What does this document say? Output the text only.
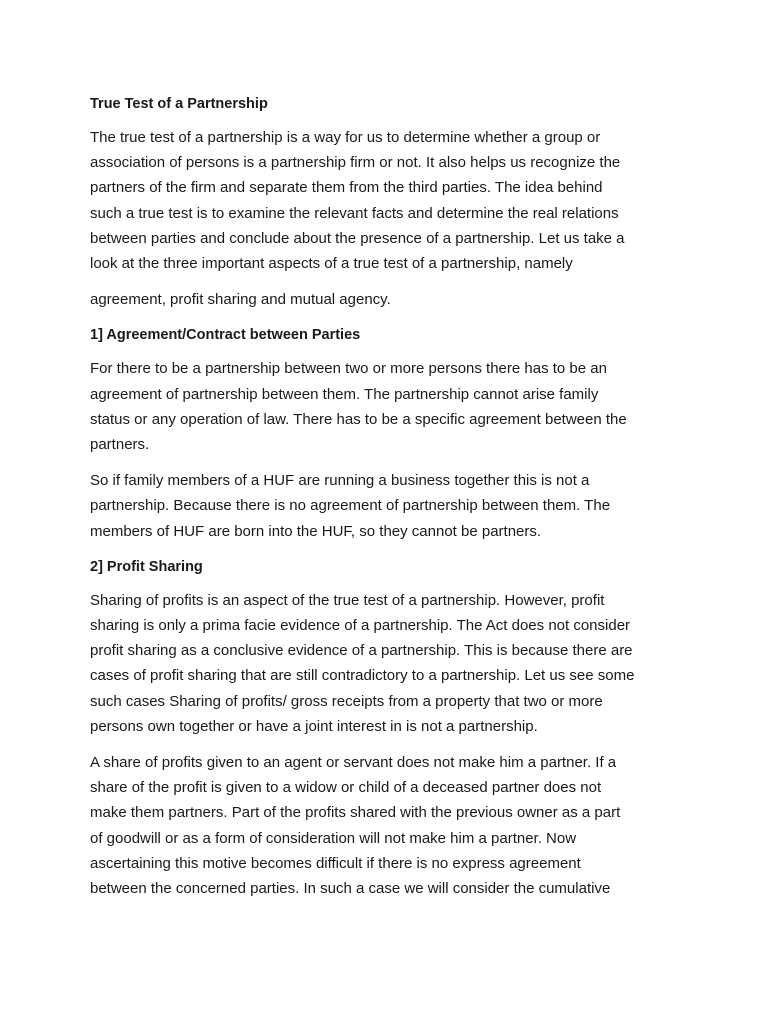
True Test of a Partnership
The true test of a partnership is a way for us to determine whether a group or
association of persons is a partnership firm or not. It also helps us recognize the
partners of the firm and separate them from the third parties. The idea behind
such a true test is to examine the relevant facts and determine the real relations
between parties and conclude about the presence of a partnership. Let us take a
look at the three important aspects of a true test of a partnership, namely
agreement, profit sharing and mutual agency.
1] Agreement/Contract between Parties
For there to be a partnership between two or more persons there has to be an
agreement of partnership between them. The partnership cannot arise family
status or any operation of law. There has to be a specific agreement between the
partners.
So if family members of a HUF are running a business together this is not a
partnership. Because there is no agreement of partnership between them. The
members of HUF are born into the HUF, so they cannot be partners.
2] Profit Sharing
Sharing of profits is an aspect of the true test of a partnership. However, profit
sharing is only a prima facie evidence of a partnership. The Act does not consider
profit sharing as a conclusive evidence of a partnership. This is because there are
cases of profit sharing that are still contradictory to a partnership. Let us see some
such cases Sharing of profits/ gross receipts from a property that two or more
persons own together or have a joint interest in is not a partnership.
A share of profits given to an agent or servant does not make him a partner. If a
share of the profit is given to a widow or child of a deceased partner does not
make them partners. Part of the profits shared with the previous owner as a part
of goodwill or as a form of consideration will not make him a partner. Now
ascertaining this motive becomes difficult if there is no express agreement
between the concerned parties. In such a case we will consider the cumulative
